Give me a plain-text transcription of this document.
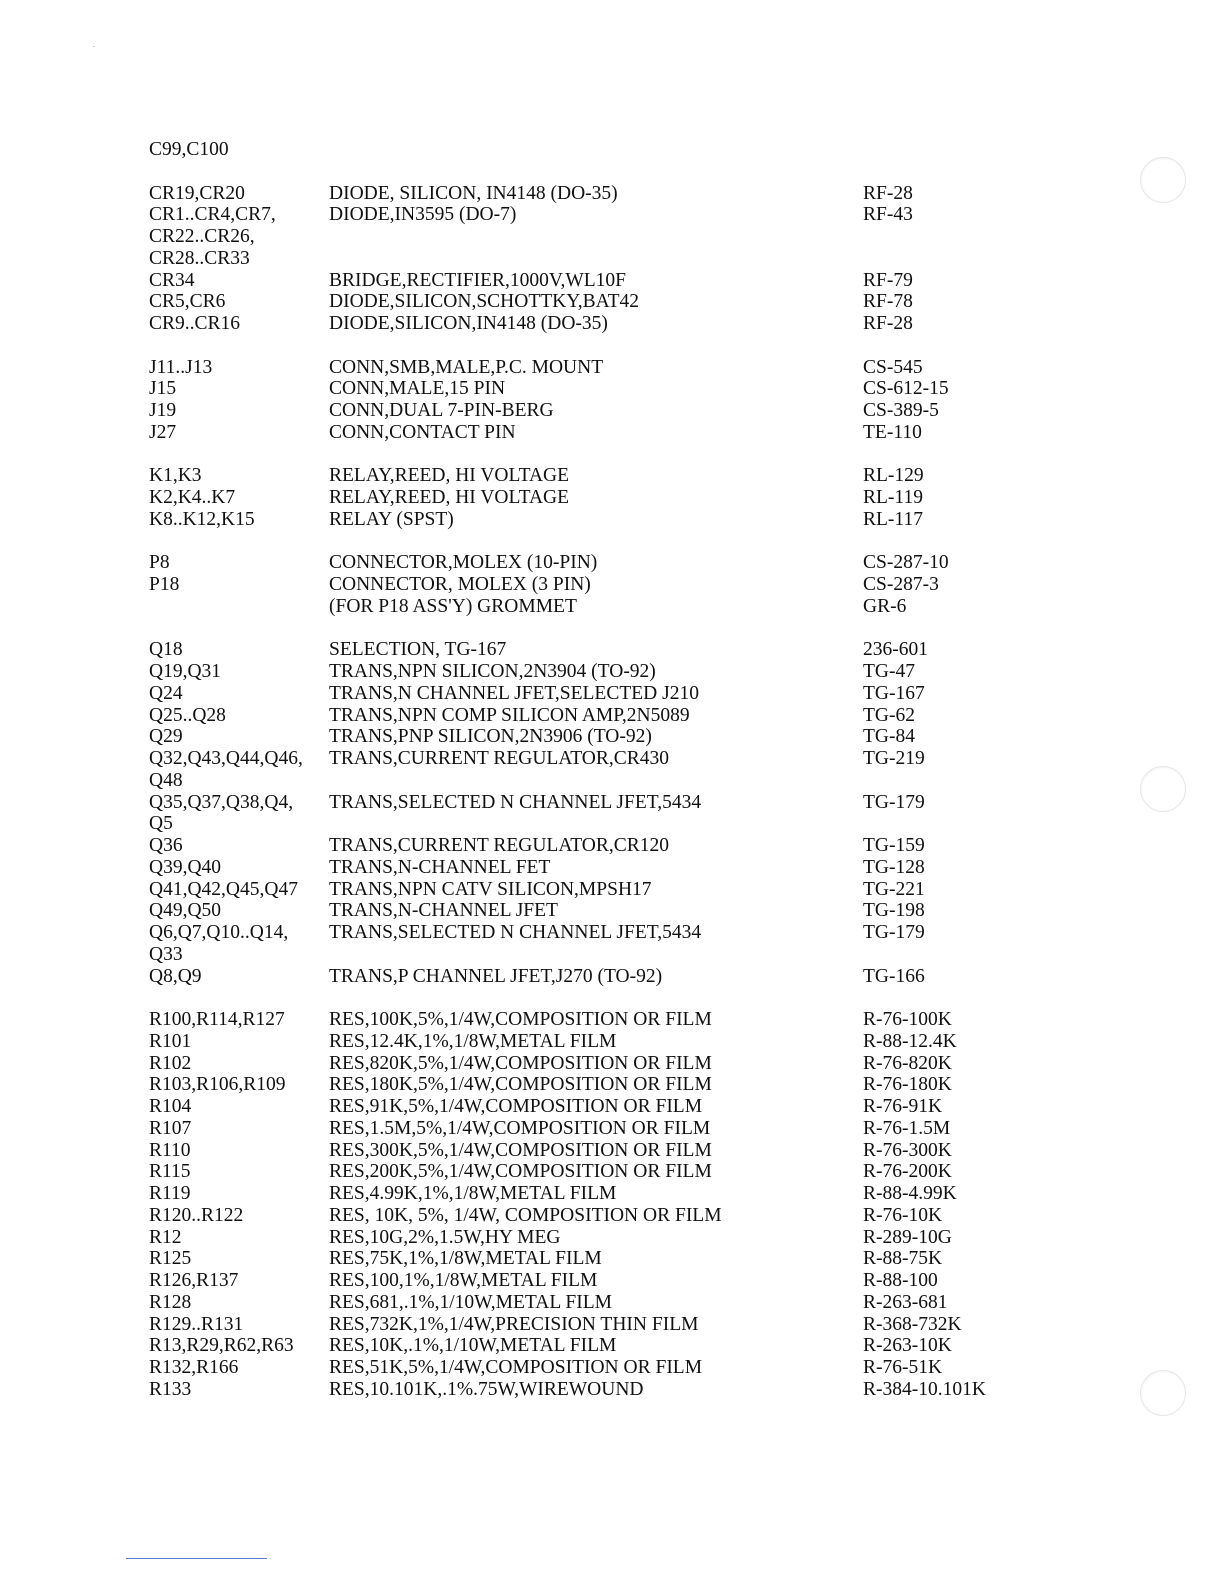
C99,C100
CR19,CR20	DIODE, SILICON, IN4148 (DO-35)	RF-28
CR1..CR4,CR7,	DIODE,IN3595 (DO-7)	RF-43
CR22..CR26,
CR28..CR33
CR34	BRIDGE,RECTIFIER,1000V,WL10F	RF-79
CR5,CR6	DIODE,SILICON,SCHOTTKY,BAT42	RF-78
CR9..CR16	DIODE,SILICON,IN4148 (DO-35)	RF-28
J11..J13	CONN,SMB,MALE,P.C. MOUNT	CS-545
J15	CONN,MALE,15 PIN	CS-612-15
J19	CONN,DUAL 7-PIN-BERG	CS-389-5
J27	CONN,CONTACT PIN	TE-110
K1,K3	RELAY,REED, HI VOLTAGE	RL-129
K2,K4..K7	RELAY,REED, HI VOLTAGE	RL-119
K8..K12,K15	RELAY (SPST)	RL-117
P8	CONNECTOR,MOLEX (10-PIN)	CS-287-10
P18	CONNECTOR, MOLEX (3 PIN)	CS-287-3
(FOR P18 ASS'Y) GROMMET	GR-6
Q18	SELECTION, TG-167	236-601
Q19,Q31	TRANS,NPN SILICON,2N3904 (TO-92)	TG-47
Q24	TRANS,N CHANNEL JFET,SELECTED J210	TG-167
Q25..Q28	TRANS,NPN COMP SILICON AMP,2N5089	TG-62
Q29	TRANS,PNP SILICON,2N3906 (TO-92)	TG-84
Q32,Q43,Q44,Q46, TRANS,CURRENT REGULATOR,CR430	TG-219
Q48
Q35,Q37,Q38,Q4, TRANS,SELECTED N CHANNEL JFET,5434	TG-179
Q5
Q36	TRANS,CURRENT REGULATOR,CR120	TG-159
Q39,Q40	TRANS,N-CHANNEL FET	TG-128
Q41,Q42,Q45,Q47 TRANS,NPN CATV SILICON,MPSH17	TG-221
Q49,Q50	TRANS,N-CHANNEL JFET	TG-198
Q6,Q7,Q10..Q14, TRANS,SELECTED N CHANNEL JFET,5434	TG-179
Q33
Q8,Q9	TRANS,P CHANNEL JFET,J270 (TO-92)	TG-166
R100,R114,R127 RES,100K,5%,1/4W,COMPOSITION OR FILM	R-76-100K
R101	RES,12.4K,1%,1/8W,METAL FILM	R-88-12.4K
R102	RES,820K,5%,1/4W,COMPOSITION OR FILM	R-76-820K
R103,R106,R109 RES,180K,5%,1/4W,COMPOSITION OR FILM	R-76-180K
R104	RES,91K,5%,1/4W,COMPOSITION OR FILM	R-76-91K
R107	RES,1.5M,5%,1/4W,COMPOSITION OR FILM	R-76-1.5M
R110	RES,300K,5%,1/4W,COMPOSITION OR FILM	R-76-300K
R115	RES,200K,5%,1/4W,COMPOSITION OR FILM	R-76-200K
R119	RES,4.99K,1%,1/8W,METAL FILM	R-88-4.99K
R120..R122	RES, 10K, 5%, 1/4W, COMPOSITION OR FILM	R-76-10K
R12	RES,10G,2%,1.5W,HY MEG	R-289-10G
R125	RES,75K,1%,1/8W,METAL FILM	R-88-75K
R126,R137	RES,100,1%,1/8W,METAL FILM	R-88-100
R128	RES,681,.1%,1/10W,METAL FILM	R-263-681
R129..R131	RES,732K,1%,1/4W,PRECISION THIN FILM	R-368-732K
R13,R29,R62,R63 RES,10K,.1%,1/10W,METAL FILM	R-263-10K
R132,R166	RES,51K,5%,1/4W,COMPOSITION OR FILM	R-76-51K
R133	RES,10.101K,.1%.75W,WIREWOUND	R-384-10.101K
